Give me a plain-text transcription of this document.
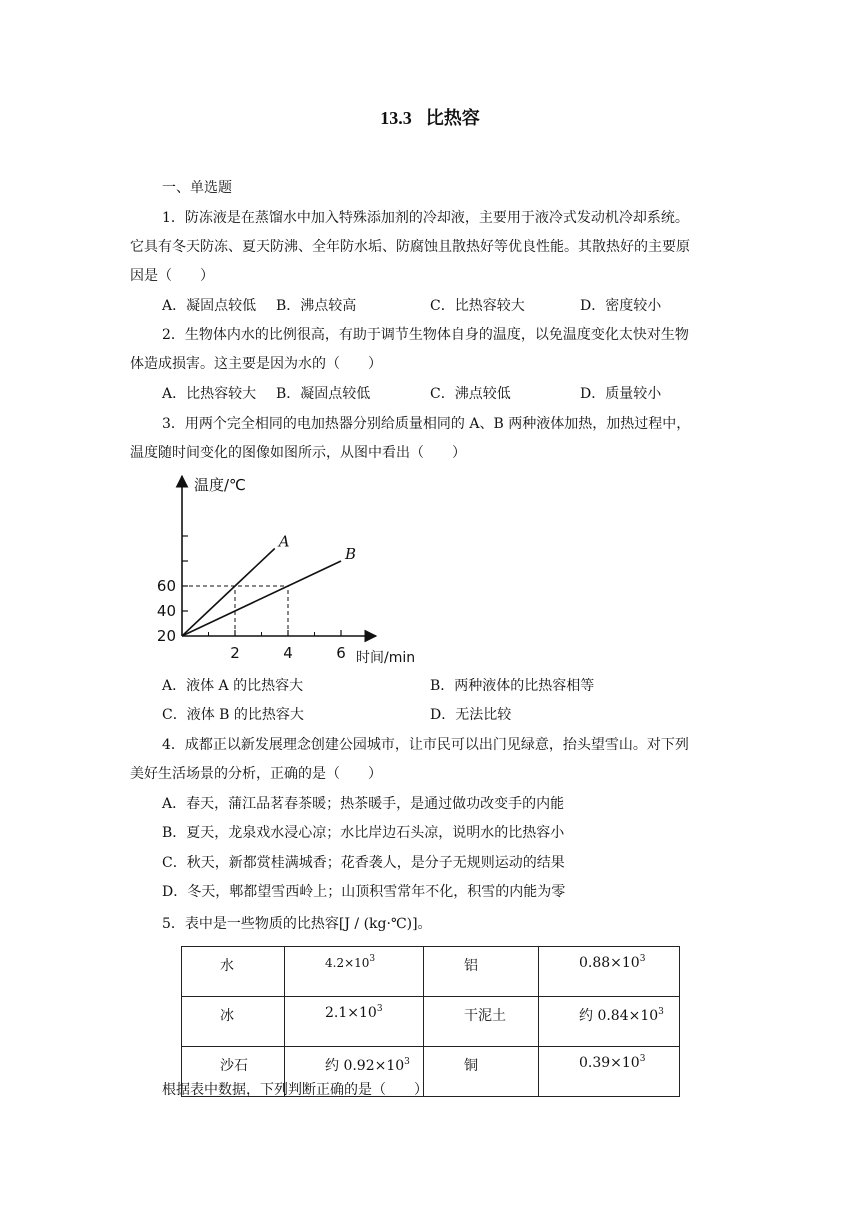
13.3 比热容
一、单选题
1．防冻液是在蒸馏水中加入特殊添加剂的冷却液，主要用于液冷式发动机冷却系统。
它具有冬天防冻、夏天防沸、全年防水垢、防腐蚀且散热好等优良性能。其散热好的主要原
因是（　　）
A．凝固点较低 B．沸点较高	C．比热容较大	D．密度较小
2．生物体内水的比例很高，有助于调节生物体自身的温度，以免温度变化太快对生物
体造成损害。这主要是因为水的（　　）
A．比热容较大 B．凝固点较低	C．沸点较低	D．质量较小
3．用两个完全相同的电加热器分别给质量相同的 A、B 两种液体加热，加热过程中，
温度随时间变化的图像如图所示，从图中看出（　　）
温度/℃
时间/min
20
40
60
2	4	6
A
B
A．液体 A 的比热容大	B．两种液体的比热容相等
C．液体 B 的比热容大	D．无法比较
4．成都正以新发展理念创建公园城市，让市民可以出门见绿意，抬头望雪山。对下列
美好生活场景的分析，正确的是（　　）
A．春天，蒲江品茗春茶暖；热茶暖手，是通过做功改变手的内能
B．夏天，龙泉戏水浸心凉；水比岸边石头凉，说明水的比热容小
C．秋天，新都赏桂满城香；花香袭人，是分子无规则运动的结果
D．冬天，郫都望雪西岭上；山顶积雪常年不化，积雪的内能为零
5．表中是一些物质的比热容[J / (kg·℃)]。
水	$4.2\times 10^3$	铝	$0.88\times 10^3$
冰	$2.1\times 10^3$	干泥土	约 $0.84\times 10^3$
沙石	约 $0.92\times 10^3$	铜	$0.39\times 10^3$
根据表中数据，下列判断正确的是（　　）
